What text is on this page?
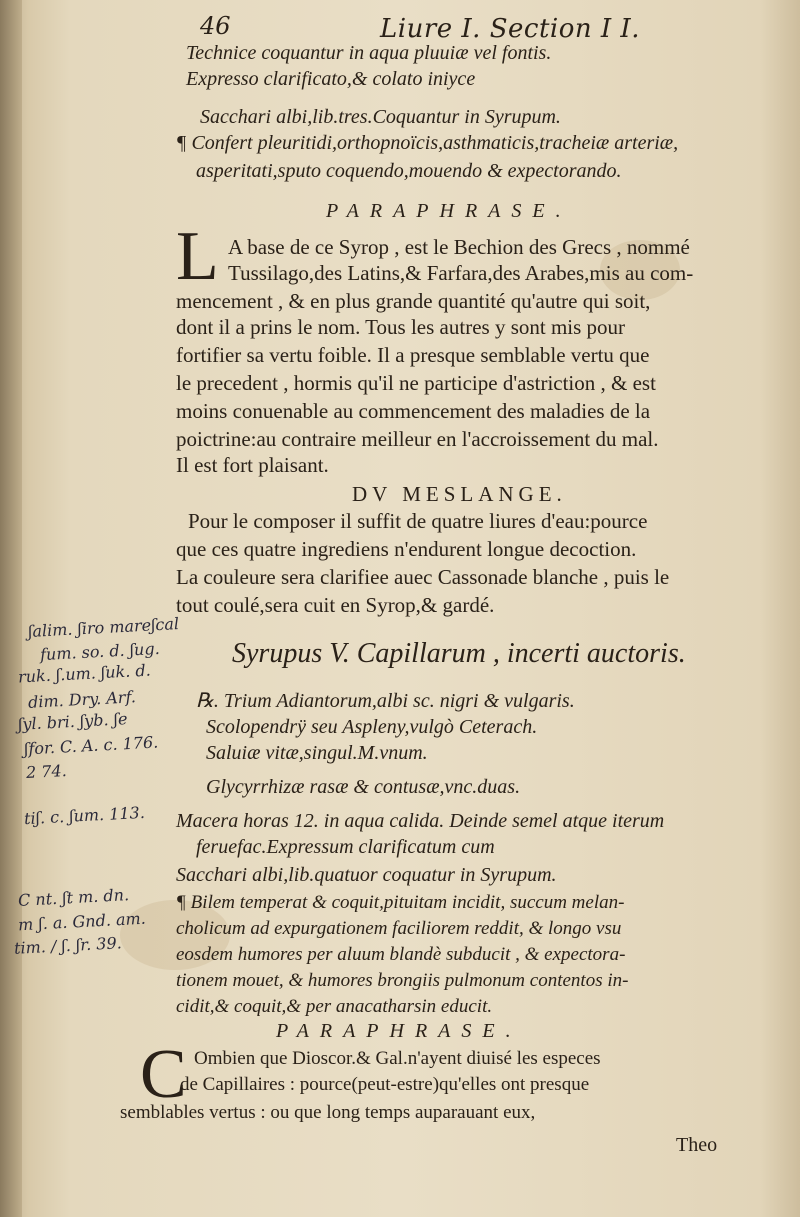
46	Liure I. Section I I.
Technice coquantur in aqua pluuiæ vel fontis.
Expresso clarificato,& colato iniyce
Sacchari albi,lib.tres.Coquantur in Syrupum.
¶ Confert pleuritidi,orthopnoïcis,asthmaticis,tracheiæ arteriæ,
asperitati,sputo coquendo,mouendo & expectorando.
PARAPHRASE.
L A base de ce Syrop , est le Bechion des Grecs , nommé
Tussilago,des Latins,& Farfara,des Arabes,mis au com-
mencement , & en plus grande quantité qu'autre qui soit,
dont il a prins le nom. Tous les autres y sont mis pour
fortifier sa vertu foible. Il a presque semblable vertu que
le precedent , hormis qu'il ne participe d'astriction , & est
moins conuenable au commencement des maladies de la
poictrine:au contraire meilleur en l'accroissement du mal.
Il est fort plaisant.
DV MESLANGE.
Pour le composer il suffit de quatre liures d'eau:pource
que ces quatre ingrediens n'endurent longue decoction.
La couleure sera clarifiee auec Cassonade blanche , puis le
tout coulé,sera cuit en Syrop,& gardé.
Syrupus V. Capillarum , incerti auctoris.
℞. Trium Adiantorum,albi sc. nigri & vulgaris.
Scolopendrÿ seu Aspleny,vulgò Ceterach.
Saluiæ vitæ,singul.M.vnum.
Glycyrrhizæ rasæ & contusæ,vnc.duas.
Macera horas 12. in aqua calida. Deinde semel atque iterum
feruefac.Expressum clarificatum cum
Sacchari albi,lib.quatuor coquatur in Syrupum.
¶ Bilem temperat & coquit,pituitam incidit, succum melan-
cholicum ad expurgationem faciliorem reddit, & longo vsu
eosdem humores per aluum blandè subducit , & expectora-
tionem mouet, & humores brongiis pulmonum contentos in-
cidit,& coquit,& per anacatharsin educit.
PARAPHRASE.
C Ombien que Dioscor.& Gal.n'ayent diuisé les especes
de Capillaires : pource(peut-estre)qu'elles ont presque
semblables vertus : ou que long temps auparauant eux,
Theo
ʃalim. ʃiro mareʃcal
fum. so. d. ʃug.
ruk. ʃ.um. ʃuk. d.
dim. Dry. Arf.
ʃyl. bri. ʃyb. ʃe
ʃfor. C. A. c. 176.
2 74.
tiʃ. c. ʃum. 113.
C nt. ʃt m. dn.
m ʃ. a. Gnd. am.
tim. / ʃ. ʃr. 39.
